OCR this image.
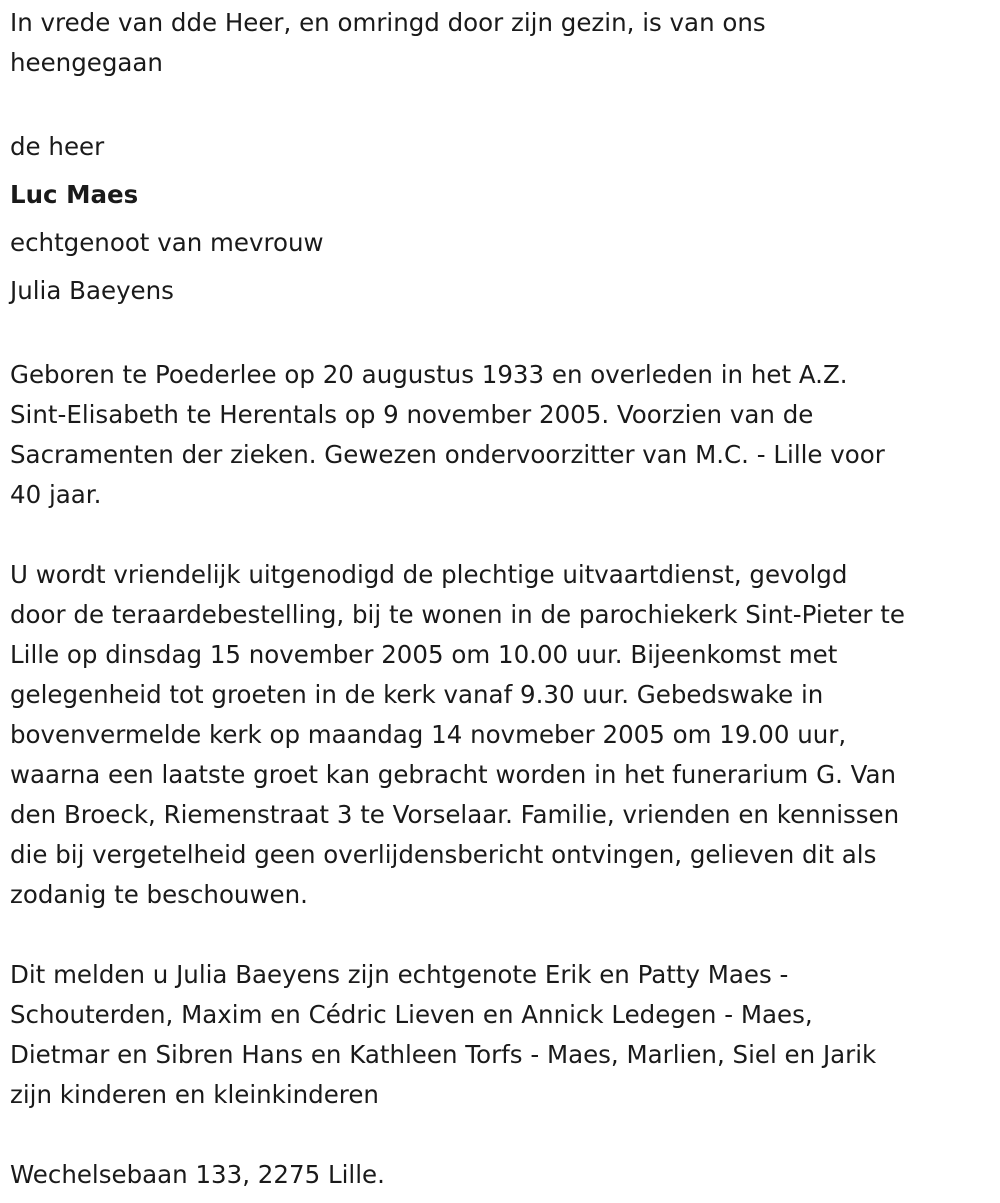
In vrede van dde Heer, en omringd door zijn gezin, is van ons
heengegaan

de heer

Luc Maes

echtgenoot van mevrouw

Julia Baeyens

Geboren te Poederlee op 20 augustus 1933 en overleden in het A.Z.
Sint-Elisabeth te Herentals op 9 november 2005. Voorzien van de
Sacramenten der zieken. Gewezen ondervoorzitter van M.C. - Lille voor
40 jaar.
U wordt vriendelijk uitgenodigd de plechtige uitvaartdienst, gevolgd
door de teraardebestelling, bij te wonen in de parochiekerk Sint-Pieter te
Lille op dinsdag 15 november 2005 om 10.00 uur. Bijeenkomst met
gelegenheid tot groeten in de kerk vanaf 9.30 uur. Gebedswake in
bovenvermelde kerk op maandag 14 novmeber 2005 om 19.00 uur,
waarna een laatste groet kan gebracht worden in het funerarium G. Van
den Broeck, Riemenstraat 3 te Vorselaar. Familie, vrienden en kennissen
die bij vergetelheid geen overlijdensbericht ontvingen, gelieven dit als
zodanig te beschouwen.
Dit melden u Julia Baeyens zijn echtgenote Erik en Patty Maes -
Schouterden, Maxim en Cédric Lieven en Annick Ledegen - Maes,
Dietmar en Sibren Hans en Kathleen Torfs - Maes, Marlien, Siel en Jarik
zijn kinderen en kleinkinderen

Wechelsebaan 133, 2275 Lille.
